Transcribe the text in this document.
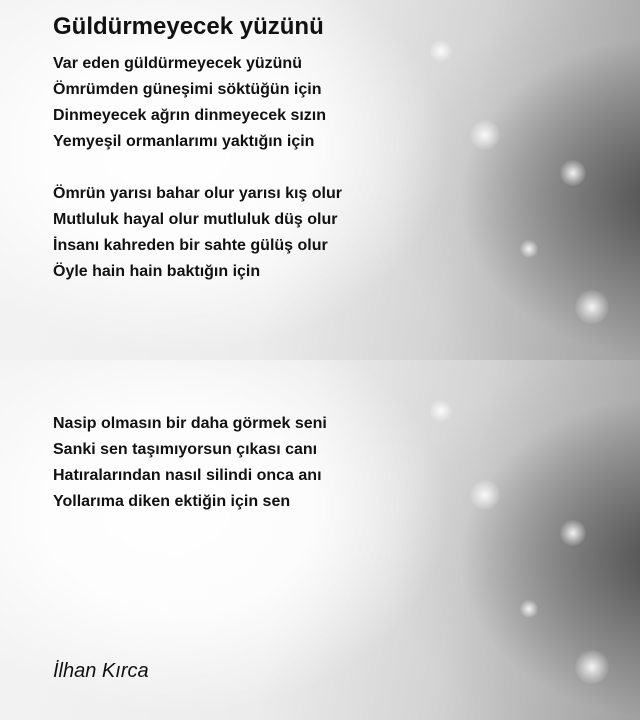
Güldürmeyecek yüzünü
Var eden güldürmeyecek yüzünü
Ömrümden güneşimi söktüğün için
Dinmeyecek ağrın dinmeyecek sızın
Yemyeşil ormanlarımı yaktığın için
Ömrün yarısı bahar olur yarısı kış olur
Mutluluk hayal olur mutluluk düş olur
İnsanı kahreden bir sahte gülüş olur
Öyle hain hain baktığın için
Nasip olmasın bir daha görmek seni
Sanki sen taşımıyorsun çıkası canı
Hatıralarından nasıl silindi onca anı
Yollarıma diken ektiğin için sen
İlhan Kırca
